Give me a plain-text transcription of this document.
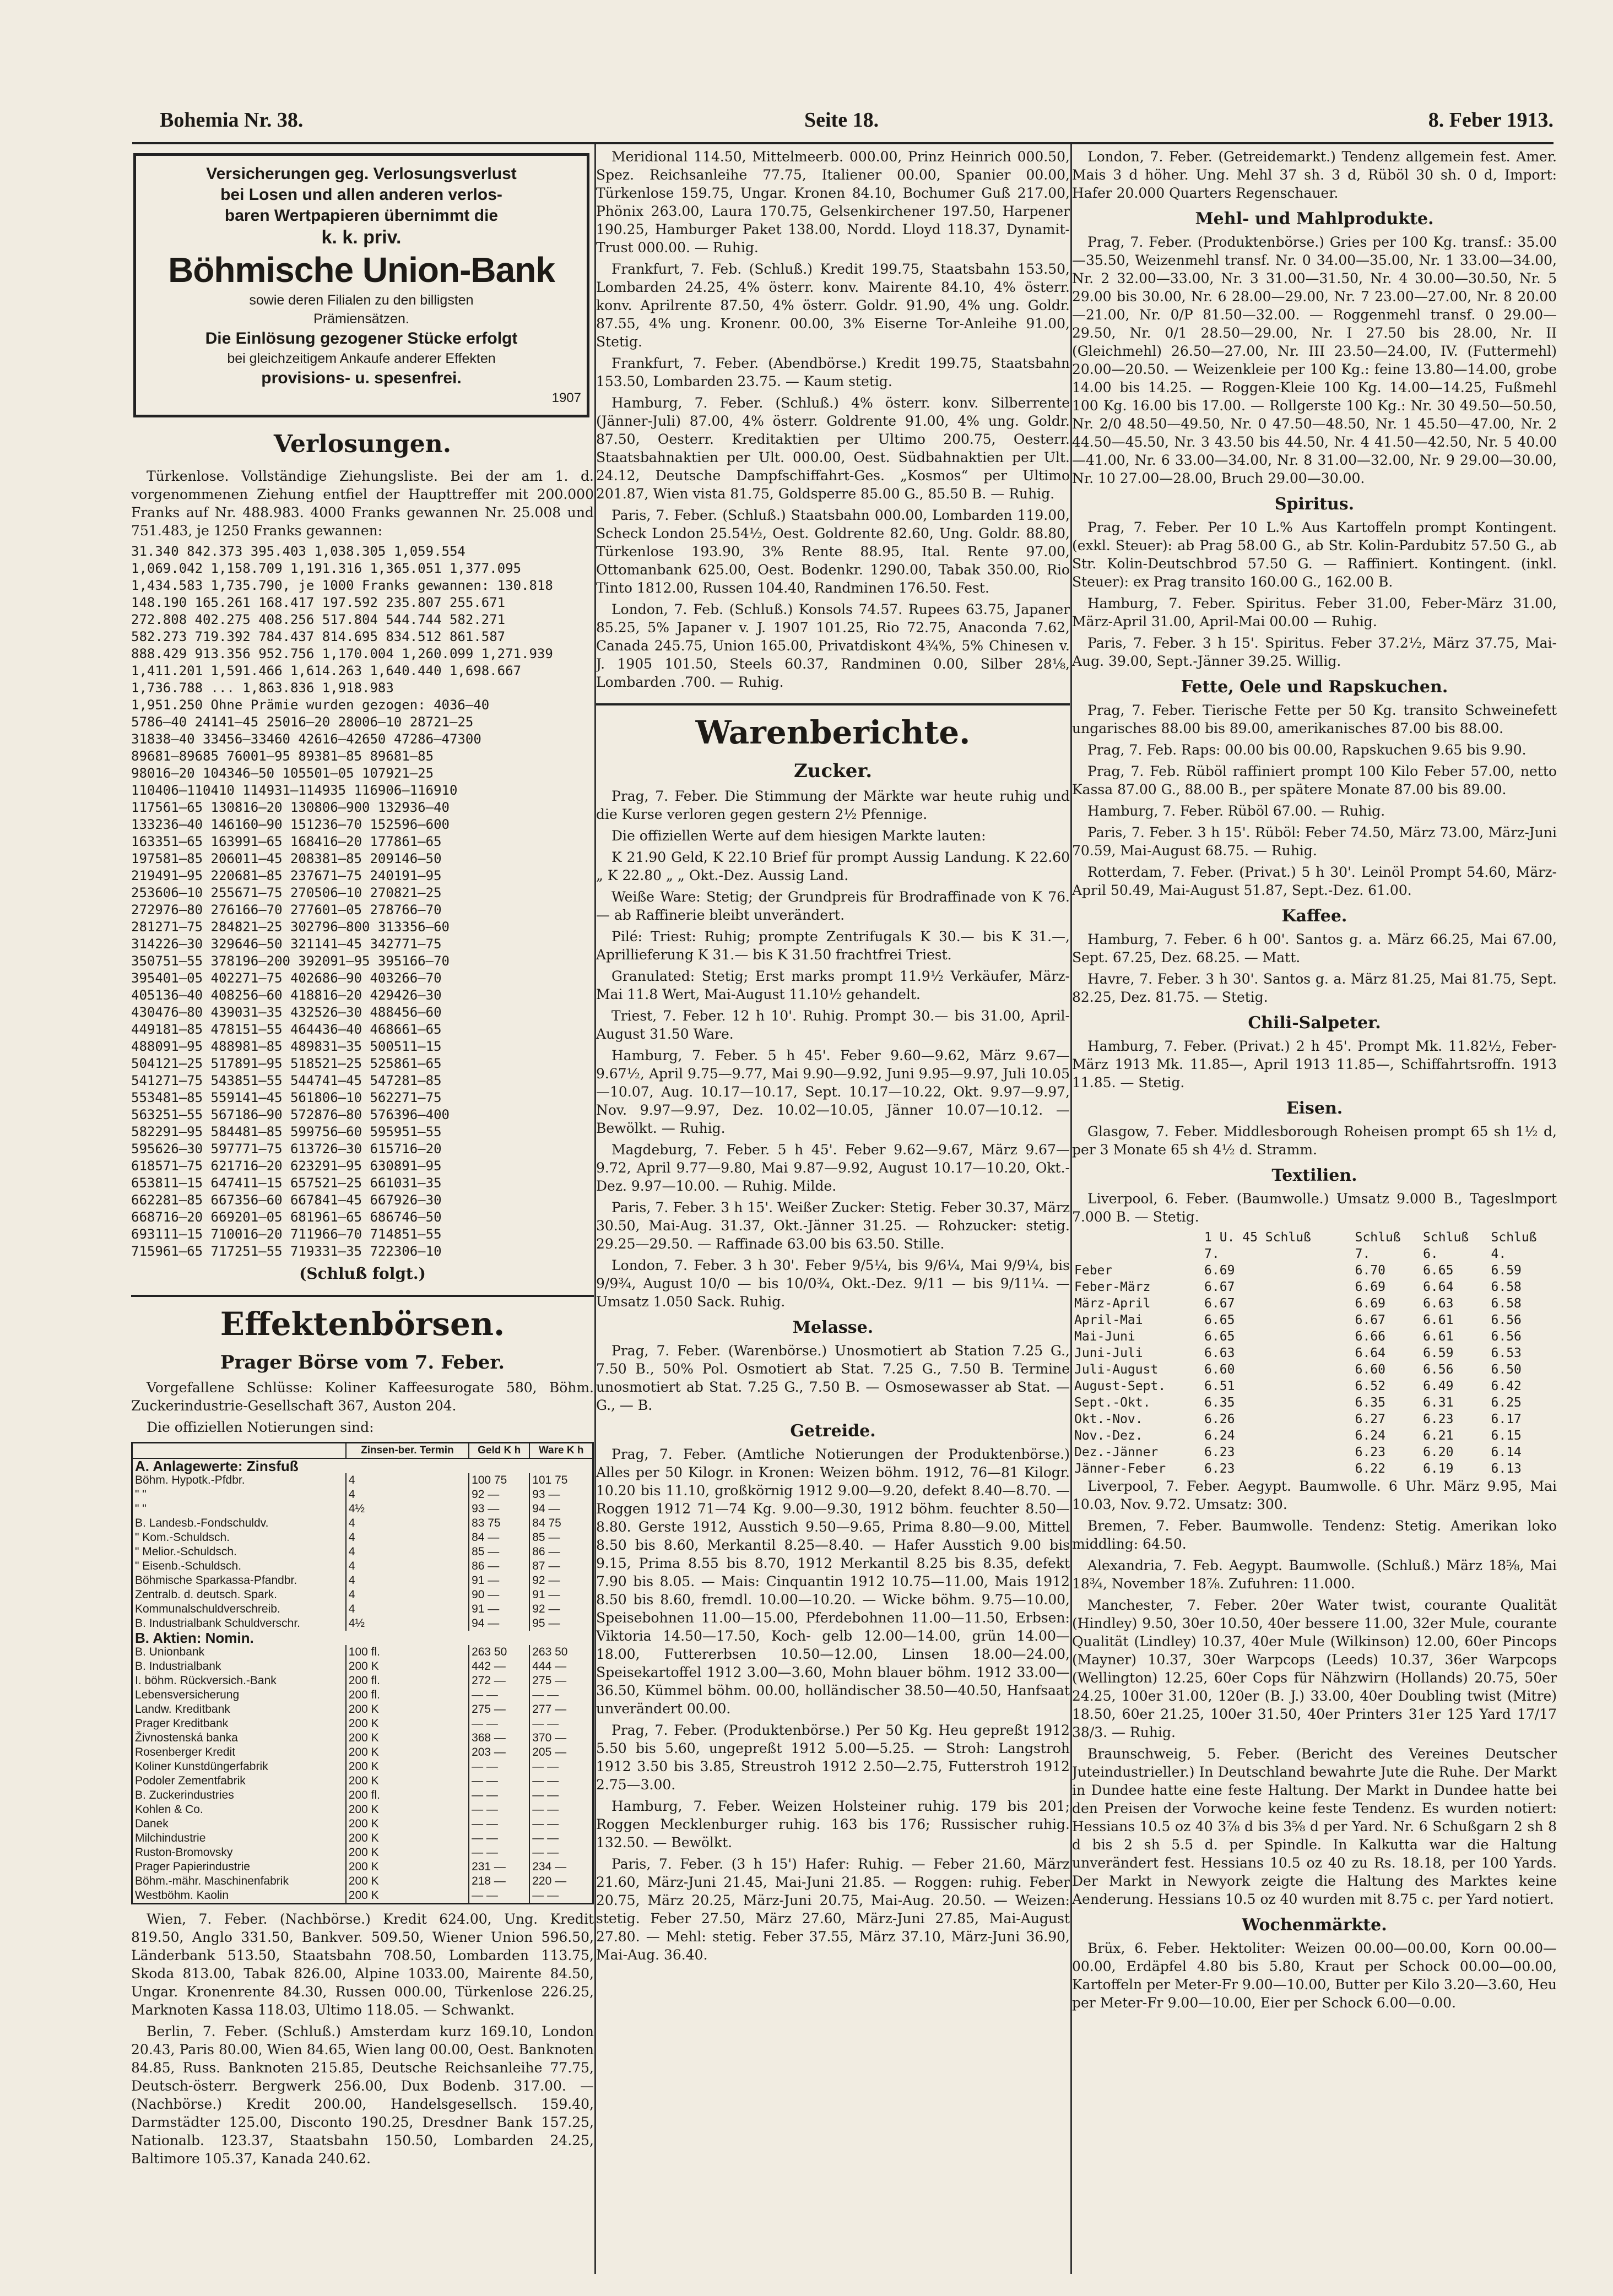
Bohemia Nr. 38.	Seite 18.	8. Feber 1913.
Versicherungen geg. Verlosungsverlust
bei Losen und allen anderen verlos-
baren Wertpapieren übernimmt die
k. k. priv.
Böhmische Union-Bank
sowie deren Filialen zu den billigsten
Prämiensätzen.
Die Einlösung gezogener Stücke erfolgt
bei gleichzeitigem Ankaufe anderer Effekten
provisions- u. spesenfrei.
1907
Verlosungen.

Türkenlose. Vollständige Ziehungsliste. Bei der am 1. d. vorgenommenen Ziehung entfiel der Haupttreffer mit 200.000 Franks auf Nr. 488.983. 4000 Franks gewannen Nr. 25.008 und 751.483, je 1250 Franks gewannen:

31.340 842.373 395.403 1,038.305 1,059.554
1,069.042 1,158.709 1,191.316 1,365.051 1,377.095
1,434.583 1,735.790, je 1000 Franks gewannen: 130.818
148.190 165.261 168.417 197.592 235.807 255.671
272.808 402.275 408.256 517.804 544.744 582.271
582.273 719.392 784.437 814.695 834.512 861.587
888.429 913.356 952.756 1,170.004 1,260.099 1,271.939
1,411.201 1,591.466 1,614.263 1,640.440 1,698.667
1,736.788 ... 1,863.836 1,918.983
1,951.250 Ohne Prämie wurden gezogen: 4036—40
5786—40 24141—45 25016—20 28006—10 28721—25
31838—40 33456—33460 42616—42650 47286—47300
89681—89685 76001—95 89381—85 89681—85
98016—20 104346—50 105501—05 107921—25
110406—110410 114931—114935 116906—116910
117561—65 130816—20 130806—900 132936—40
133236—40 146160—90 151236—70 152596—600
163351—65 163991—65 168416—20 177861—65
197581—85 206011—45 208381—85 209146—50
219491—95 220681—85 237671—75 240191—95
253606—10 255671—75 270506—10 270821—25
272976—80 276166—70 277601—05 278766—70
281271—75 284821—25 302796—800 313356—60
314226—30 329646—50 321141—45 342771—75
350751—55 378196—200 392091—95 395166—70
395401—05 402271—75 402686—90 403266—70
405136—40 408256—60 418816—20 429426—30
430476—80 439031—35 432526—30 488456—60
449181—85 478151—55 464436—40 468661—65
488091—95 488981—85 489831—35 500511—15
504121—25 517891—95 518521—25 525861—65
541271—75 543851—55 544741—45 547281—85
553481—85 559141—45 561806—10 562271—75
563251—55 567186—90 572876—80 576396—400
582291—95 584481—85 599756—60 595951—55
595626—30 597771—75 613726—30 615716—20
618571—75 621716—20 623291—95 630891—95
653811—15 647411—15 657521—25 661031—35
662281—85 667356—60 667841—45 667926—30
668716—20 669201—05 681961—65 686746—50
693111—15 710016—20 711966—70 714851—55
715961—65 717251—55 719331—35 722306—10
(Schluß folgt.)
Effektenbörsen.
Prager Börse vom 7. Feber.

Vorgefallene Schlüsse: Koliner Kaffeesurogate 580, Böhm. Zuckerindustrie-Gesellschaft 367, Auston 204.

Die offiziellen Notierungen sind:

	Zinsen-ber. Termin	Geld K h	Ware K h
A. Anlagewerte: Zinsfuß			
Böhm. Hypotk.-Pfdbr.	4	100 75	101 75
" "	4	92 —	93 —
" "	4½	93 —	94 —
B. Landesb.-Fondschuldv.	4	83 75	84 75
" Kom.-Schuldsch.	4	84 —	85 —
" Melior.-Schuldsch.	4	85 —	86 —
" Eisenb.-Schuldsch.	4	86 —	87 —
Böhmische Sparkassa-Pfandbr.	4	91 —	92 —
Zentralb. d. deutsch. Spark.	4	90 —	91 —
Kommunalschuldverschreib.	4	91 —	92 —
B. Industrialbank Schuldverschr.	4½	94 —	95 —
B. Aktien: Nomin.			
B. Unionbank	100 fl.	263 50	263 50
B. Industrialbank	200 K	442 —	444 —
I. böhm. Rückversich.-Bank	200 fl.	272 —	275 —
Lebensversicherung	200 fl.	— —	— —
Landw. Kreditbank	200 K	275 —	277 —
Prager Kreditbank	200 K	— —	— —
Živnostenská banka	200 K	368 —	370 —
Rosenberger Kredit	200 K	203 —	205 —
Koliner Kunstdüngerfabrik	200 K	— —	— —
Podoler Zementfabrik	200 K	— —	— —
B. Zuckerindustries	200 fl.	— —	— —
Kohlen & Co.	200 K	— —	— —
Danek	200 K	— —	— —
Milchindustrie	200 K	— —	— —
Ruston-Bromovsky	200 K	— —	— —
Prager Papierindustrie	200 K	231 —	234 —
Böhm.-mähr. Maschinenfabrik	200 K	218 —	220 —
Westböhm. Kaolin	200 K	— —	— —

Wien, 7. Feber. (Nachbörse.) Kredit 624.00, Ung. Kredit 819.50, Anglo 331.50, Bankver. 509.50, Wiener Union 596.50, Länderbank 513.50, Staatsbahn 708.50, Lombarden 113.75, Skoda 813.00, Tabak 826.00, Alpine 1033.00, Mairente 84.50, Ungar. Kronenrente 84.30, Russen 000.00, Türkenlose 226.25, Marknoten Kassa 118.03, Ultimo 118.05. — Schwankt.

Berlin, 7. Feber. (Schluß.) Amsterdam kurz 169.10, London 20.43, Paris 80.00, Wien 84.65, Wien lang 00.00, Oest. Banknoten 84.85, Russ. Banknoten 215.85, Deutsche Reichsanleihe 77.75, Deutsch-österr. Bergwerk 256.00, Dux Bodenb. 317.00. — (Nachbörse.) Kredit 200.00, Handelsgesellsch. 159.40, Darmstädter 125.00, Disconto 190.25, Dresdner Bank 157.25, Nationalb. 123.37, Staatsbahn 150.50, Lombarden 24.25, Baltimore 105.37, Kanada 240.62.

Meridional 114.50, Mittelmeerb. 000.00, Prinz Heinrich 000.50, Spez. Reichsanleihe 77.75, Italiener 00.00, Spanier 00.00, Türkenlose 159.75, Ungar. Kronen 84.10, Bochumer Guß 217.00, Phönix 263.00, Laura 170.75, Gelsenkirchener 197.50, Harpener 190.25, Hamburger Paket 138.00, Nordd. Lloyd 118.37, Dynamit-Trust 000.00. — Ruhig.

Frankfurt, 7. Feb. (Schluß.) Kredit 199.75, Staatsbahn 153.50, Lombarden 24.25, 4% österr. konv. Mairente 84.10, 4% österr. konv. Aprilrente 87.50, 4% österr. Goldr. 91.90, 4% ung. Goldr. 87.55, 4% ung. Kronenr. 00.00, 3% Eiserne Tor-Anleihe 91.00, Stetig.

Frankfurt, 7. Feber. (Abendbörse.) Kredit 199.75, Staatsbahn 153.50, Lombarden 23.75. — Kaum stetig.

Hamburg, 7. Feber. (Schluß.) 4% österr. konv. Silberrente (Jänner-Juli) 87.00, 4% österr. Goldrente 91.00, 4% ung. Goldr. 87.50, Oesterr. Kreditaktien per Ultimo 200.75, Oesterr. Staatsbahnaktien per Ult. 000.00, Oest. Südbahnaktien per Ult. 24.12, Deutsche Dampfschiffahrt-Ges. „Kosmos“ per Ultimo 201.87, Wien vista 81.75, Goldsperre 85.00 G., 85.50 B. — Ruhig.

Paris, 7. Feber. (Schluß.) Staatsbahn 000.00, Lombarden 119.00, Scheck London 25.54½, Oest. Goldrente 82.60, Ung. Goldr. 88.80, Türkenlose 193.90, 3% Rente 88.95, Ital. Rente 97.00, Ottomanbank 625.00, Oest. Bodenkr. 1290.00, Tabak 350.00, Rio Tinto 1812.00, Russen 104.40, Randminen 176.50. Fest.

London, 7. Feb. (Schluß.) Konsols 74.57. Rupees 63.75, Japaner 85.25, 5% Japaner v. J. 1907 101.25, Rio 72.75, Anaconda 7.62, Canada 245.75, Union 165.00, Privatdiskont 4¾%, 5% Chinesen v. J. 1905 101.50, Steels 60.37, Randminen 0.00, Silber 28⅛, Lombarden .700. — Ruhig.

Warenberichte.
Zucker.

Prag, 7. Feber. Die Stimmung der Märkte war heute ruhig und die Kurse verloren gegen gestern 2½ Pfennige.

Die offiziellen Werte auf dem hiesigen Markte lauten:

K 21.90 Geld, K 22.10 Brief für prompt Aussig Landung. K 22.60 „ K 22.80 „ „ Okt.-Dez. Aussig Land.

Weiße Ware: Stetig; der Grundpreis für Brodraffinade von K 76.— ab Raffinerie bleibt unverändert.

Pilé: Triest: Ruhig; prompte Zentrifugals K 30.— bis K 31.—, Aprillieferung K 31.— bis K 31.50 frachtfrei Triest.

Granulated: Stetig; Erst marks prompt 11.9½ Verkäufer, März-Mai 11.8 Wert, Mai-August 11.10½ gehandelt.

Triest, 7. Feber. 12 h 10'. Ruhig. Prompt 30.— bis 31.00, April-August 31.50 Ware.

Hamburg, 7. Feber. 5 h 45'. Feber 9.60—9.62, März 9.67—9.67½, April 9.75—9.77, Mai 9.90—9.92, Juni 9.95—9.97, Juli 10.05—10.07, Aug. 10.17—10.17, Sept. 10.17—10.22, Okt. 9.97—9.97, Nov. 9.97—9.97, Dez. 10.02—10.05, Jänner 10.07—10.12. — Bewölkt. — Ruhig.

Magdeburg, 7. Feber. 5 h 45'. Feber 9.62—9.67, März 9.67—9.72, April 9.77—9.80, Mai 9.87—9.92, August 10.17—10.20, Okt.-Dez. 9.97—10.00. — Ruhig. Milde.

Paris, 7. Feber. 3 h 15'. Weißer Zucker: Stetig. Feber 30.37, März 30.50, Mai-Aug. 31.37, Okt.-Jänner 31.25. — Rohzucker: stetig. 29.25—29.50. — Raffinade 63.00 bis 63.50. Stille.

London, 7. Feber. 3 h 30'. Feber 9/5¼, bis 9/6¼, Mai 9/9¼, bis 9/9¾, August 10/0 — bis 10/0¾, Okt.-Dez. 9/11 — bis 9/11¼. — Umsatz 1.050 Sack. Ruhig.

Melasse.

Prag, 7. Feber. (Warenbörse.) Unosmotiert ab Station 7.25 G., 7.50 B., 50% Pol. Osmotiert ab Stat. 7.25 G., 7.50 B. Termine unosmotiert ab Stat. 7.25 G., 7.50 B. — Osmosewasser ab Stat. — G., — B.

Getreide.

Prag, 7. Feber. (Amtliche Notierungen der Produktenbörse.) Alles per 50 Kilogr. in Kronen: Weizen böhm. 1912, 76—81 Kilogr. 10.20 bis 11.10, großkörnig 1912 9.00—9.20, defekt 8.40—8.70. — Roggen 1912 71—74 Kg. 9.00—9.30, 1912 böhm. feuchter 8.50—8.80. Gerste 1912, Ausstich 9.50—9.65, Prima 8.80—9.00, Mittel 8.50 bis 8.60, Merkantil 8.25—8.40. — Hafer Ausstich 9.00 bis 9.15, Prima 8.55 bis 8.70, 1912 Merkantil 8.25 bis 8.35, defekt 7.90 bis 8.05. — Mais: Cinquantin 1912 10.75—11.00, Mais 1912 8.50 bis 8.60, fremdl. 10.00—10.20. — Wicke böhm. 9.75—10.00, Speisebohnen 11.00—15.00, Pferdebohnen 11.00—11.50, Erbsen: Viktoria 14.50—17.50, Koch- gelb 12.00—14.00, grün 14.00—18.00, Futtererbsen 10.50—12.00, Linsen 18.00—24.00, Speisekartoffel 1912 3.00—3.60, Mohn blauer böhm. 1912 33.00—36.50, Kümmel böhm. 00.00, holländischer 38.50—40.50, Hanfsaat unverändert 00.00.

Prag, 7. Feber. (Produktenbörse.) Per 50 Kg. Heu gepreßt 1912 5.50 bis 5.60, ungepreßt 1912 5.00—5.25. — Stroh: Langstroh 1912 3.50 bis 3.85, Streustroh 1912 2.50—2.75, Futterstroh 1912 2.75—3.00.

Hamburg, 7. Feber. Weizen Holsteiner ruhig. 179 bis 201; Roggen Mecklenburger ruhig. 163 bis 176; Russischer ruhig. 132.50. — Bewölkt.

Paris, 7. Feber. (3 h 15') Hafer: Ruhig. — Feber 21.60, März 21.60, März-Juni 21.45, Mai-Juni 21.85. — Roggen: ruhig. Feber 20.75, März 20.25, März-Juni 20.75, Mai-Aug. 20.50. — Weizen: stetig. Feber 27.50, März 27.60, März-Juni 27.85, Mai-August 27.80. — Mehl: stetig. Feber 37.55, März 37.10, März-Juni 36.90, Mai-Aug. 36.40.

London, 7. Feber. (Getreidemarkt.) Tendenz allgemein fest. Amer. Mais 3 d höher. Ung. Mehl 37 sh. 3 d, Rüböl 30 sh. 0 d, Import: Hafer 20.000 Quarters Regenschauer.

Mehl- und Mahlprodukte.

Prag, 7. Feber. (Produktenbörse.) Gries per 100 Kg. transf.: 35.00—35.50, Weizenmehl transf. Nr. 0 34.00—35.00, Nr. 1 33.00—34.00, Nr. 2 32.00—33.00, Nr. 3 31.00—31.50, Nr. 4 30.00—30.50, Nr. 5 29.00 bis 30.00, Nr. 6 28.00—29.00, Nr. 7 23.00—27.00, Nr. 8 20.00—21.00, Nr. 0/P 81.50—32.00. — Roggenmehl transf. 0 29.00—29.50, Nr. 0/1 28.50—29.00, Nr. I 27.50 bis 28.00, Nr. II (Gleichmehl) 26.50—27.00, Nr. III 23.50—24.00, IV. (Futtermehl) 20.00—20.50. — Weizenkleie per 100 Kg.: feine 13.80—14.00, grobe 14.00 bis 14.25. — Roggen-Kleie 100 Kg. 14.00—14.25, Fußmehl 100 Kg. 16.00 bis 17.00. — Rollgerste 100 Kg.: Nr. 30 49.50—50.50, Nr. 2/0 48.50—49.50, Nr. 0 47.50—48.50, Nr. 1 45.50—47.00, Nr. 2 44.50—45.50, Nr. 3 43.50 bis 44.50, Nr. 4 41.50—42.50, Nr. 5 40.00—41.00, Nr. 6 33.00—34.00, Nr. 8 31.00—32.00, Nr. 9 29.00—30.00, Nr. 10 27.00—28.00, Bruch 29.00—30.00.

Spiritus.

Prag, 7. Feber. Per 10 L.% Aus Kartoffeln prompt Kontingent. (exkl. Steuer): ab Prag 58.00 G., ab Str. Kolin-Pardubitz 57.50 G., ab Str. Kolin-Deutschbrod 57.50 G. — Raffiniert. Kontingent. (inkl. Steuer): ex Prag transito 160.00 G., 162.00 B.

Hamburg, 7. Feber. Spiritus. Feber 31.00, Feber-März 31.00, März-April 31.00, April-Mai 00.00 — Ruhig.

Paris, 7. Feber. 3 h 15'. Spiritus. Feber 37.2½, März 37.75, Mai-Aug. 39.00, Sept.-Jänner 39.25. Willig.

Fette, Oele und Rapskuchen.

Prag, 7. Feber. Tierische Fette per 50 Kg. transito Schweinefett ungarisches 88.00 bis 89.00, amerikanisches 87.00 bis 88.00.

Prag, 7. Feb. Raps: 00.00 bis 00.00, Rapskuchen 9.65 bis 9.90.

Prag, 7. Feb. Rüböl raffiniert prompt 100 Kilo Feber 57.00, netto Kassa 87.00 G., 88.00 B., per spätere Monate 87.00 bis 89.00.

Hamburg, 7. Feber. Rüböl 67.00. — Ruhig.

Paris, 7. Feber. 3 h 15'. Rüböl: Feber 74.50, März 73.00, März-Juni 70.59, Mai-August 68.75. — Ruhig.

Rotterdam, 7. Feber. (Privat.) 5 h 30'. Leinöl Prompt 54.60, März-April 50.49, Mai-August 51.87, Sept.-Dez. 61.00.

Kaffee.

Hamburg, 7. Feber. 6 h 00'. Santos g. a. März 66.25, Mai 67.00, Sept. 67.25, Dez. 68.25. — Matt.

Havre, 7. Feber. 3 h 30'. Santos g. a. März 81.25, Mai 81.75, Sept. 82.25, Dez. 81.75. — Stetig.

Chili-Salpeter.

Hamburg, 7. Feber. (Privat.) 2 h 45'. Prompt Mk. 11.82½, Feber-März 1913 Mk. 11.85—, April 1913 11.85—, Schiffahrtsroffn. 1913 11.85. — Stetig.

Eisen.

Glasgow, 7. Feber. Middlesborough Roheisen prompt 65 sh 1½ d, per 3 Monate 65 sh 4½ d. Stramm.

Textilien.

Liverpool, 6. Feber. (Baumwolle.) Umsatz 9.000 B., Tageslmport 7.000 B. — Stetig.

	1 U. 45 Schluß	Schluß	Schluß	Schluß
	7.	7.	6.	4.
Feber	6.69	6.70	6.65	6.59
Feber-März	6.67	6.69	6.64	6.58
März-April	6.67	6.69	6.63	6.58
April-Mai	6.65	6.67	6.61	6.56
Mai-Juni	6.65	6.66	6.61	6.56
Juni-Juli	6.63	6.64	6.59	6.53
Juli-August	6.60	6.60	6.56	6.50
August-Sept.	6.51	6.52	6.49	6.42
Sept.-Okt.	6.35	6.35	6.31	6.25
Okt.-Nov.	6.26	6.27	6.23	6.17
Nov.-Dez.	6.24	6.24	6.21	6.15
Dez.-Jänner	6.23	6.23	6.20	6.14
Jänner-Feber	6.23	6.22	6.19	6.13

Liverpool, 7. Feber. Aegypt. Baumwolle. 6 Uhr. März 9.95, Mai 10.03, Nov. 9.72. Umsatz: 300.

Bremen, 7. Feber. Baumwolle. Tendenz: Stetig. Amerikan loko middling: 64.50.

Alexandria, 7. Feb. Aegypt. Baumwolle. (Schluß.) März 18⅝, Mai 18¾, November 18⅞. Zufuhren: 11.000.

Manchester, 7. Feber. 20er Water twist, courante Qualität (Hindley) 9.50, 30er 10.50, 40er bessere 11.00, 32er Mule, courante Qualität (Lindley) 10.37, 40er Mule (Wilkinson) 12.00, 60er Pincops (Mayner) 10.37, 30er Warpcops (Leeds) 10.37, 36er Warpcops (Wellington) 12.25, 60er Cops für Nähzwirn (Hollands) 20.75, 50er 24.25, 100er 31.00, 120er (B. J.) 33.00, 40er Doubling twist (Mitre) 18.50, 60er 21.25, 100er 31.50, 40er Printers 31er 125 Yard 17/17 38/3. — Ruhig.

Braunschweig, 5. Feber. (Bericht des Vereines Deutscher Juteindustrieller.) In Deutschland bewahrte Jute die Ruhe. Der Markt in Dundee hatte eine feste Haltung. Der Markt in Dundee hatte bei den Preisen der Vorwoche keine feste Tendenz. Es wurden notiert: Hessians 10.5 oz 40 3⅞ d bis 3⅝ d per Yard. Nr. 6 Schußgarn 2 sh 8 d bis 2 sh 5.5 d. per Spindle. In Kalkutta war die Haltung unverändert fest. Hessians 10.5 oz 40 zu Rs. 18.18, per 100 Yards. Der Markt in Newyork zeigte die Haltung des Marktes keine Aenderung. Hessians 10.5 oz 40 wurden mit 8.75 c. per Yard notiert.

Wochenmärkte.

Brüx, 6. Feber. Hektoliter: Weizen 00.00—00.00, Korn 00.00—00.00, Erdäpfel 4.80 bis 5.80, Kraut per Schock 00.00—00.00, Kartoffeln per Meter-Fr 9.00—10.00, Butter per Kilo 3.20—3.60, Heu per Meter-Fr 9.00—10.00, Eier per Schock 6.00—0.00.
